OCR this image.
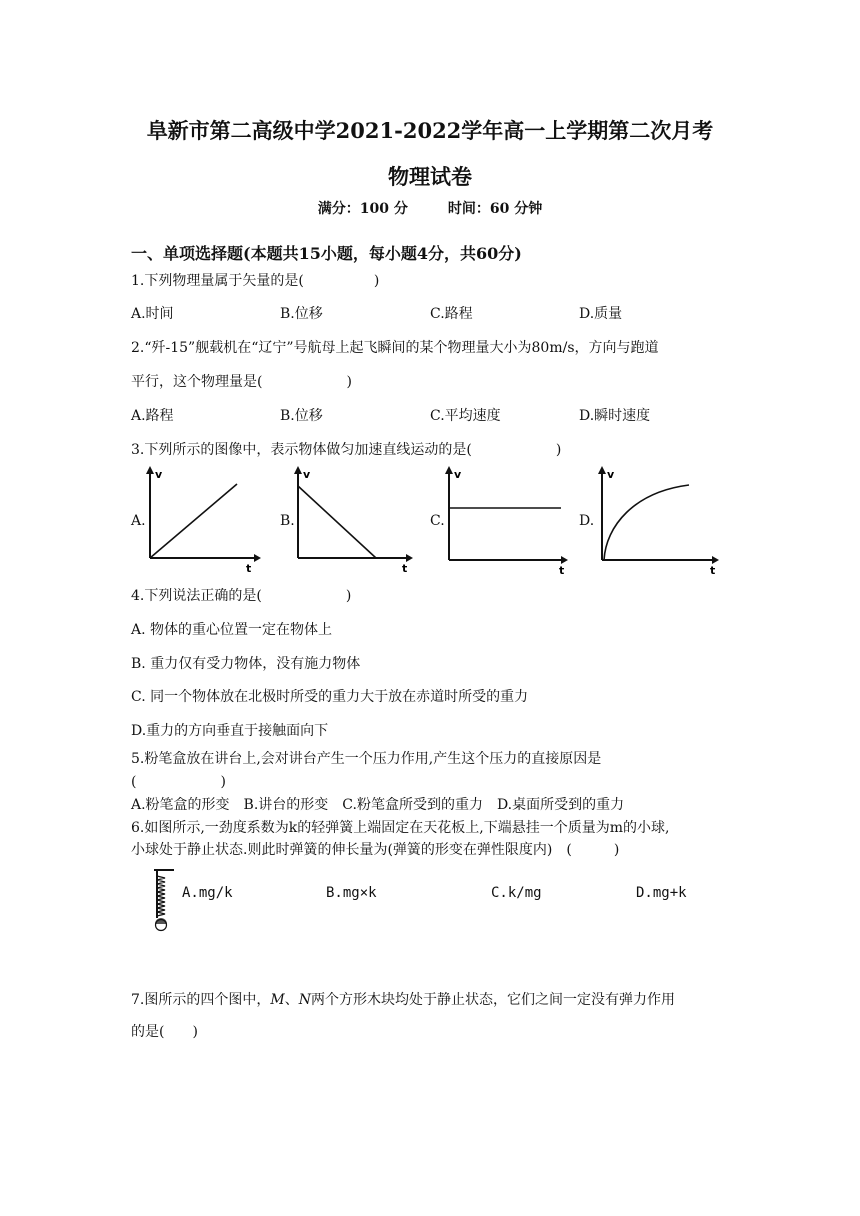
阜新市第二高级中学2021-2022学年高一上学期第二次月考
物理试卷
满分：100 分	时间：60 分钟
一、单项选择题(本题共15小题，每小题4分，共60分)
1.下列物理量属于矢量的是(　　　　　)
A.时间	B.位移	C.路程	D.质量
2.“歼-15”舰载机在“辽宁”号航母上起飞瞬间的某个物理量大小为80m/s，方向与跑道
平行，这个物理量是(　　　　　　)
A.路程	B.位移	C.平均速度	D.瞬时速度
3.下列所示的图像中，表示物体做匀加速直线运动的是(　　　　　　)
A.
v
t
B.
v
t
C.
v
t
D.
v
t
4.下列说法正确的是(　　　　　　)
A. 物体的重心位置一定在物体上
B. 重力仅有受力物体，没有施力物体
C. 同一个物体放在北极时所受的重力大于放在赤道时所受的重力
D.重力的方向垂直于接触面向下
5.粉笔盒放在讲台上,会对讲台产生一个压力作用,产生这个压力的直接原因是
(　　　　　　)
A.粉笔盒的形变　B.讲台的形变　C.粉笔盒所受到的重力　D.桌面所受到的重力
6.如图所示,一劲度系数为k的轻弹簧上端固定在天花板上,下端悬挂一个质量为m的小球,
小球处于静止状态.则此时弹簧的伸长量为(弹簧的形变在弹性限度内)　(　　　)
A.mg/k	B.mg×k	C.k/mg	D.mg+k
7.图所示的四个图中，M、N两个方形木块均处于静止状态，它们之间一定没有弹力作用
的是(　　)
